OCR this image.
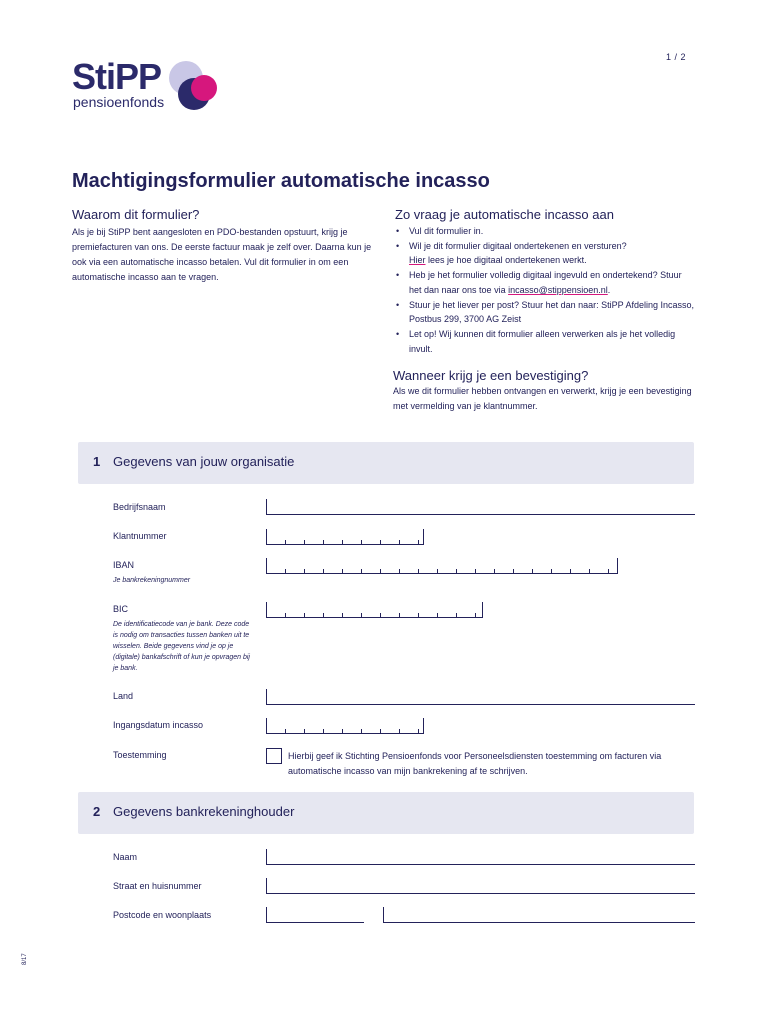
1 / 2
StiPP
pensioenfonds
Machtigingsformulier automatische incasso
Waarom dit formulier?
Als je bij StiPP bent aangesloten en PDO-bestanden opstuurt, krijg je premiefacturen van ons. De eerste factuur maak je zelf over. Daarna kun je ook via een automatische incasso betalen. Vul dit formulier in om een automatische incasso aan te vragen.
Zo vraag je automatische incasso aan
• Vul dit formulier in.
• Wil je dit formulier digitaal ondertekenen en versturen?
Hier lees je hoe digitaal ondertekenen werkt.
• Heb je het formulier volledig digitaal ingevuld en ondertekend? Stuur het dan naar ons toe via incasso@stippensioen.nl.
• Stuur je het liever per post? Stuur het dan naar: StiPP Afdeling Incasso, Postbus 299, 3700 AG Zeist
• Let op! Wij kunnen dit formulier alleen verwerken als je het volledig invult.
Wanneer krijg je een bevestiging?
Als we dit formulier hebben ontvangen en verwerkt, krijg je een bevestiging met vermelding van je klantnummer.
1 Gegevens van jouw organisatie
Bedrijfsnaam
Klantnummer
IBAN
Je bankrekeningnummer
BIC
De identificatiecode van je bank. Deze code is nodig om transacties tussen banken uit te wisselen. Beide gegevens vind je op je (digitale) bankafschrift of kun je opvragen bij je bank.
Land
Ingangsdatum incasso
Toestemming	Hierbij geef ik Stichting Pensioenfonds voor Personeelsdiensten toestemming om facturen via automatische incasso van mijn bankrekening af te schrijven.
2 Gegevens bankrekeninghouder
Naam
Straat en huisnummer
Postcode en woonplaats
8/17
